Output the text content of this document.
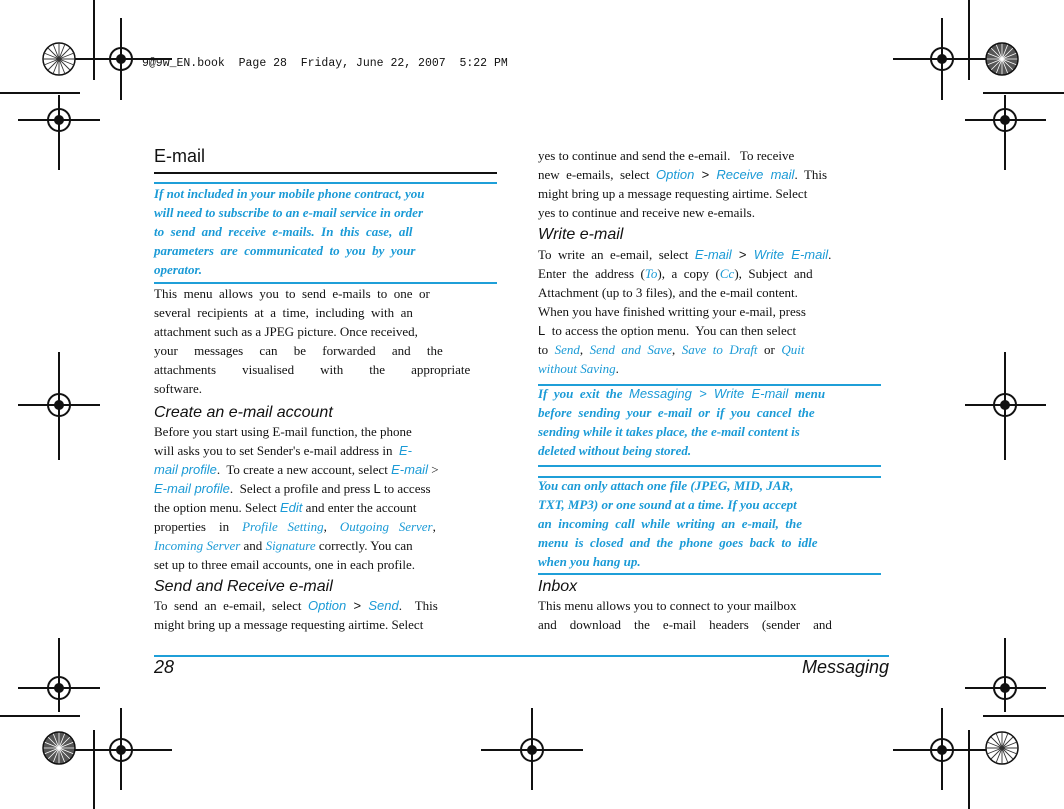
9@9w_EN.book  Page 28  Friday, June 22, 2007  5:22 PM
E-mail
If not included in your mobile phone contract, you
will need to subscribe to an e-mail service in order
to  send  and  receive  e-mails.  In  this  case,  all
parameters  are  communicated  to  you  by  your
operator.
This  menu  allows  you  to  send  e-mails  to  one  or
several  recipients  at  a  time,  including  with  an
attachment such as a JPEG picture. Once received,
your     messages     can     be     forwarded     and     the
attachments        visualised        with        the        appropriate
software.
Create an e-mail account
Before you start using E-mail function, the phone
will asks you to set Sender's e-mail address in  E-
mail profile.  To create a new account, select E-mail >
E-mail profile.  Select a profile and press L to access
the option menu. Select Edit and enter the account
properties    in    Profile   Setting,    Outgoing   Server,
Incoming Server and Signature correctly. You can
set up to three email accounts, one in each profile.
Send and Receive e-mail
To  send  an  e-email,  select  Option  >  Send.    This
might bring up a message requesting airtime. Select
yes to continue and send the e-email.   To receive
new  e-emails,  select  Option  >  Receive  mail.  This
might bring up a message requesting airtime. Select
yes to continue and receive new e-emails.
Write e-mail
To  write  an  e-email,  select  E-mail  >  Write  E-mail.
Enter  the  address  (To),  a  copy  (Cc),  Subject  and
Attachment (up to 3 files), and the e-mail content.
When you have finished writting your e-mail, press
L  to access the option menu.  You can then select
to  Send,  Send  and  Save,  Save  to  Draft  or  Quit
without Saving.
If  you  exit  the  Messaging  >  Write  E-mail  menu
before  sending  your  e-mail  or  if  you  cancel  the
sending while it takes place, the e-mail content is
deleted without being stored.
You can only attach one file (JPEG, MID, JAR,
TXT, MP3) or one sound at a time. If you accept
an  incoming  call  while  writing  an  e-mail,  the
menu  is  closed  and  the  phone  goes  back  to  idle
when you hang up.
Inbox
This menu allows you to connect to your mailbox
and    download    the    e-mail    headers    (sender    and
28	Messaging
